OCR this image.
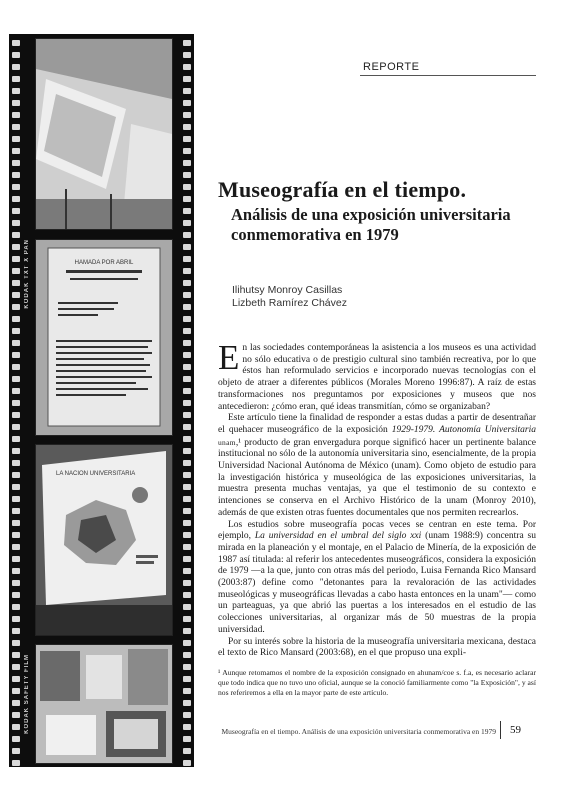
KODAK TXT X PAN
KODAK SAFETY FILM
HAMADA POR ABRIL
LA NACION UNIVERSITARIA
REPORTE
Museografía en el tiempo.
Análisis de una exposición universitaria conmemorativa en 1979
Ilihutsy Monroy Casillas
Lizbeth Ramírez Chávez

En las sociedades contemporáneas la asistencia a los museos es una actividad no sólo educativa o de prestigio cultural sino también recreativa, por lo que éstos han reformulado servicios e incorporado nuevas tecnologías con el objeto de atraer a diferentes públicos (Morales Moreno 1996:87). A raíz de estas transformaciones nos preguntamos por exposiciones y museos que nos antecedieron: ¿cómo eran, qué ideas transmitían, cómo se organizaban?

Este artículo tiene la finalidad de responder a estas dudas a partir de desentrañar el quehacer museográfico de la exposición 1929-1979. Autonomía Universitaria unam,¹ producto de gran envergadura porque significó hacer un pertinente balance institucional no sólo de la autonomía universitaria sino, esencialmente, de la propia Universidad Nacional Autónoma de México (unam). Como objeto de estudio para la investigación histórica y museológica de las exposiciones universitarias, la muestra presenta muchas ventajas, ya que el testimonio de su contexto e intenciones se conserva en el Archivo Histórico de la unam (Monroy 2010), además de que existen otras fuentes documentales que nos permiten recrearlos.

Los estudios sobre museografía pocas veces se centran en este tema. Por ejemplo, La universidad en el umbral del siglo xxi (unam 1988:9) concentra su mirada en la planeación y el montaje, en el Palacio de Minería, de la exposición de 1987 así titulada: al referir los antecedentes museográficos, considera la exposición de 1979 —a la que, junto con otras más del periodo, Luisa Fernanda Rico Mansard (2003:87) define como "detonantes para la revaloración de las actividades museológicas y museográficas llevadas a cabo hasta entonces en la unam"— como un parteaguas, ya que abrió las puertas a los interesados en el estudio de las colecciones universitarias, al organizar más de 50 muestras de la propia universidad.

Por su interés sobre la historia de la museografía universitaria mexicana, destaca el texto de Rico Mansard (2003:68), en el que propuso una expli-

¹ Aunque retomamos el nombre de la exposición consignado en ahunam/coe s. f.a, es necesario aclarar que todo indica que no tuvo uno oficial, aunque se la conoció familiarmente como "la Exposición", y así nos referiremos a ella en la mayor parte de este artículo.
Museografía en el tiempo. Análisis de una exposición universitaria conmemorativa en 1979 59
